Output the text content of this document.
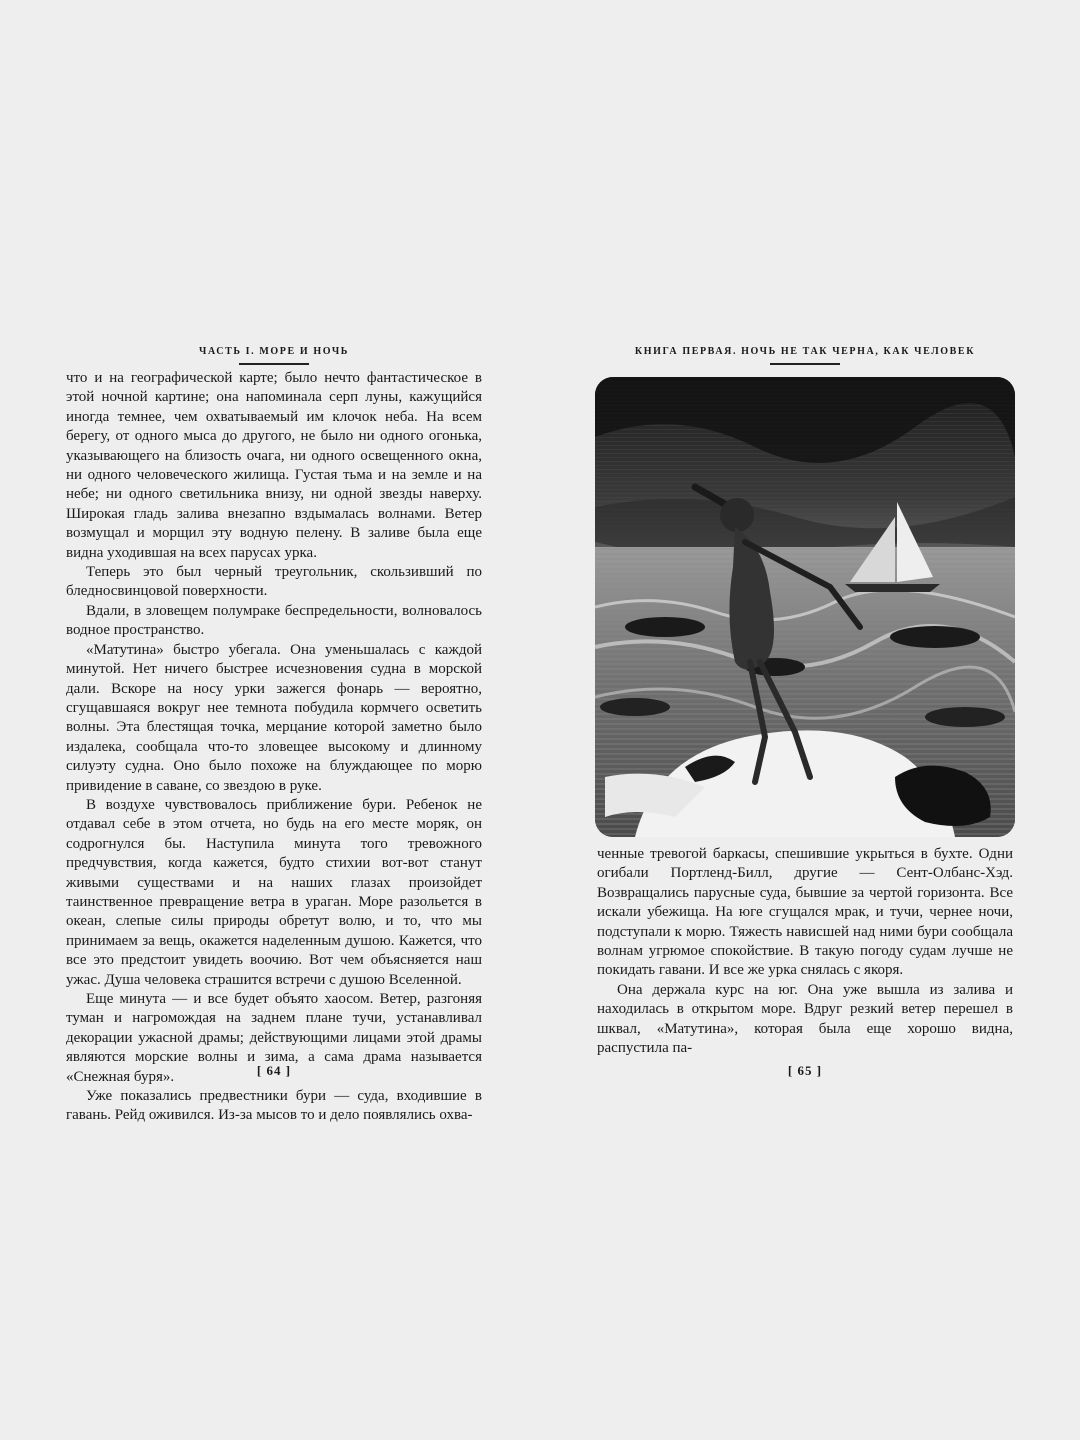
ЧАСТЬ I. МОРЕ И НОЧЬ

что и на географической карте; было нечто фантастическое в этой ночной картине; она напоминала серп луны, кажущийся иногда темнее, чем охватываемый им клочок неба. На всем берегу, от одного мыса до другого, не было ни одного огонька, указывающего на близость очага, ни одного освещенного окна, ни одного человеческого жилища. Густая тьма и на земле и на небе; ни одного светильника внизу, ни одной звезды наверху. Широкая гладь залива внезапно вздымалась волнами. Ветер возмущал и морщил эту водную пелену. В заливе была еще видна уходившая на всех парусах урка.

Теперь это был черный треугольник, скользивший по бледносвинцовой поверхности.

Вдали, в зловещем полумраке беспредельности, волновалось водное пространство.

«Матутина» быстро убегала. Она уменьшалась с каждой минутой. Нет ничего быстрее исчезновения судна в морской дали. Вскоре на носу урки зажегся фонарь — вероятно, сгущавшаяся вокруг нее темнота побудила кормчего осветить волны. Эта блестящая точка, мерцание которой заметно было издалека, сообщала что-то зловещее высокому и длинному силуэту судна. Оно было похоже на блуждающее по морю привидение в саване, со звездою в руке.

В воздухе чувствовалось приближение бури. Ребенок не отдавал себе в этом отчета, но будь на его месте моряк, он содрогнулся бы. Наступила минута того тревожного предчувствия, когда кажется, будто стихии вот-вот станут живыми существами и на наших глазах произойдет таинственное превращение ветра в ураган. Море разольется в океан, слепые силы природы обретут волю, и то, что мы принимаем за вещь, окажется наделенным душою. Кажется, что все это предстоит увидеть воочию. Вот чем объясняется наш ужас. Душа человека страшится встречи с душою Вселенной.

Еще минута — и все будет объято хаосом. Ветер, разгоняя туман и нагромождая на заднем плане тучи, устанавливал декорации ужасной драмы; действующими лицами этой драмы являются морские волны и зима, а сама драма называется «Снежная буря».

Уже показались предвестники бури — суда, входившие в гавань. Рейд оживился. Из-за мысов то и дело появлялись охва-

[ 64 ]
КНИГА ПЕРВАЯ. НОЧЬ НЕ ТАК ЧЕРНА, КАК ЧЕЛОВЕК

ченные тревогой баркасы, спешившие укрыться в бухте. Одни огибали Портленд-Билл, другие — Сент-Олбанс-Хэд. Возвращались парусные суда, бывшие за чертой горизонта. Все искали убежища. На юге сгущался мрак, и тучи, чернее ночи, подступали к морю. Тяжесть нависшей над ними бури сообщала волнам угрюмое спокойствие. В такую погоду судам лучше не покидать гавани. И все же урка снялась с якоря.

Она держала курс на юг. Она уже вышла из залива и находилась в открытом море. Вдруг резкий ветер перешел в шквал, «Матутина», которая была еще хорошо видна, распустила па-

[ 65 ]
